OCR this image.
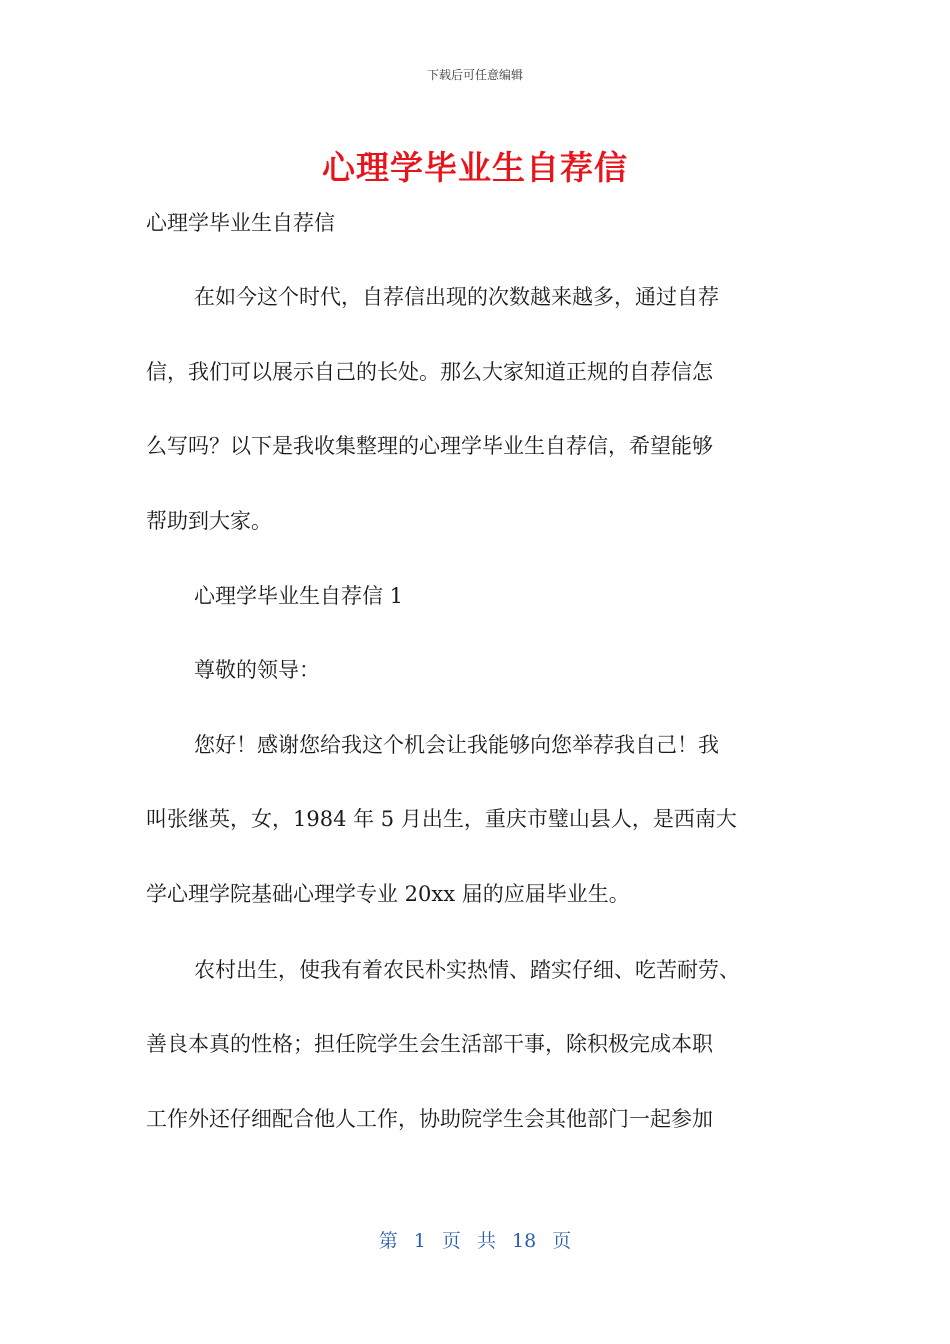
下载后可任意编辑
心理学毕业生自荐信
心理学毕业生自荐信
在如今这个时代，自荐信出现的次数越来越多，通过自荐
信，我们可以展示自己的长处。那么大家知道正规的自荐信怎
么写吗？以下是我收集整理的心理学毕业生自荐信，希望能够
帮助到大家。
心理学毕业生自荐信 1
尊敬的领导：
您好！感谢您给我这个机会让我能够向您举荐我自己！我
叫张继英，女，1984 年 5 月出生，重庆市璧山县人，是西南大
学心理学院基础心理学专业 20xx 届的应届毕业生。
农村出生，使我有着农民朴实热情、踏实仔细、吃苦耐劳、
善良本真的性格；担任院学生会生活部干事，除积极完成本职
工作外还仔细配合他人工作，协助院学生会其他部门一起参加
第 1 页 共 18 页
